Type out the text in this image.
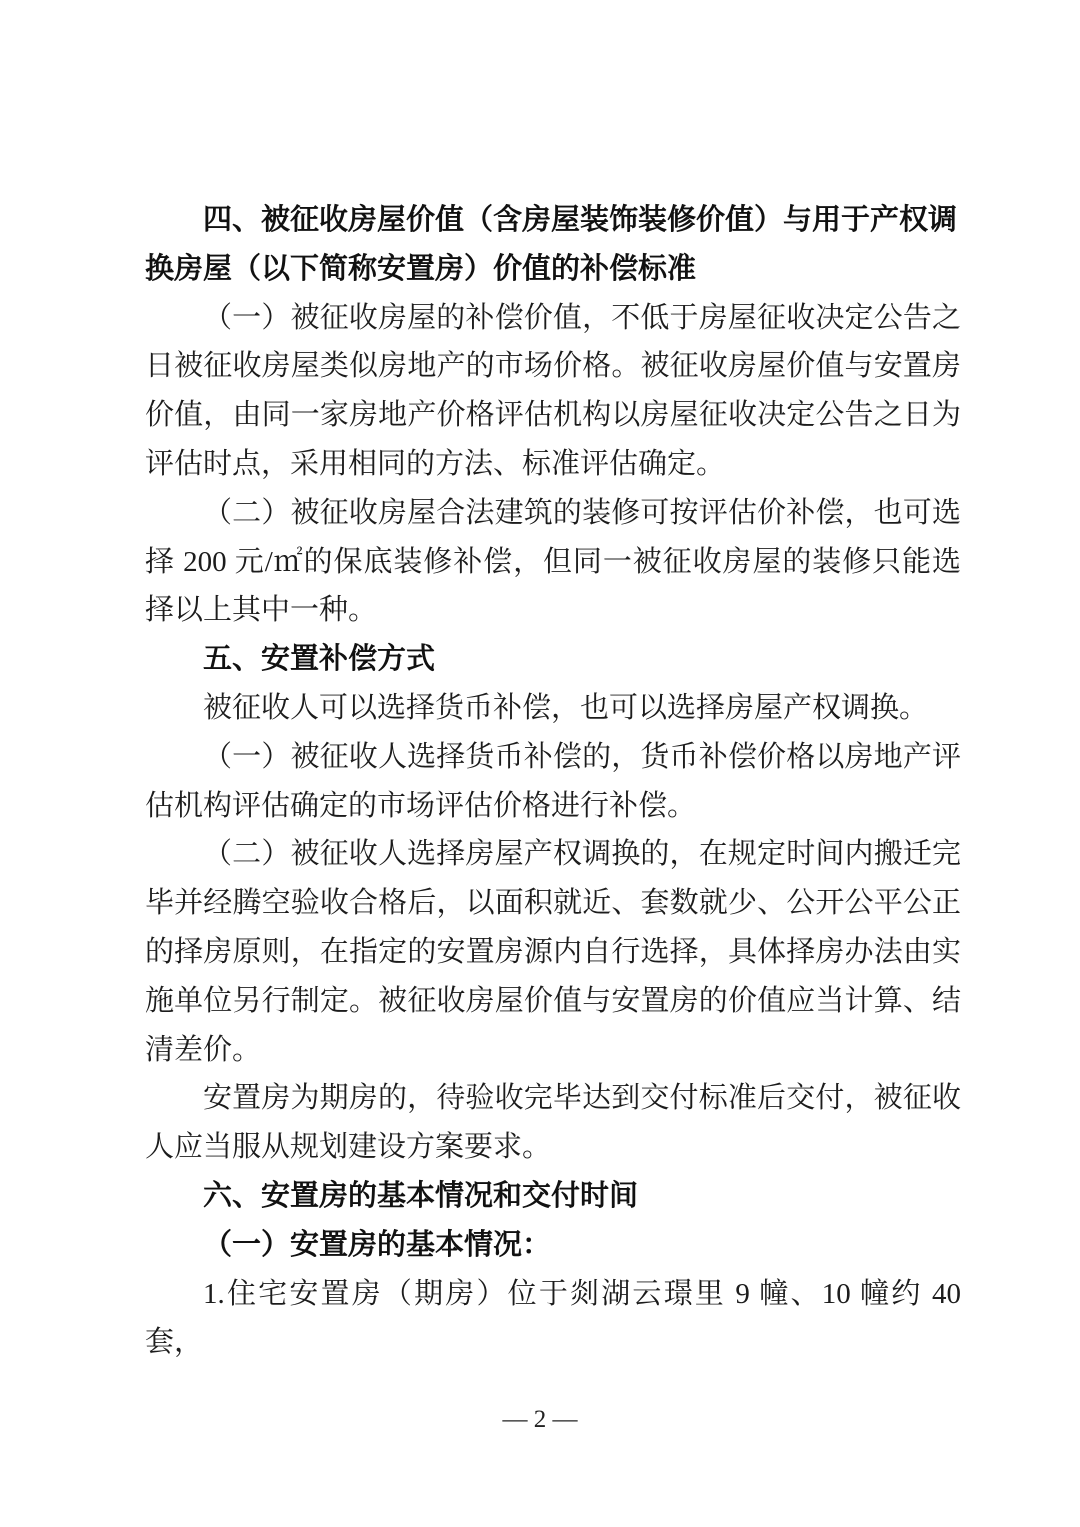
四、被征收房屋价值（含房屋装饰装修价值）与用于产权调换房屋（以下简称安置房）价值的补偿标准

（一）被征收房屋的补偿价值，不低于房屋征收决定公告之日被征收房屋类似房地产的市场价格。被征收房屋价值与安置房价值，由同一家房地产价格评估机构以房屋征收决定公告之日为评估时点，采用相同的方法、标准评估确定。

（二）被征收房屋合法建筑的装修可按评估价补偿，也可选择 200 元/㎡的保底装修补偿，但同一被征收房屋的装修只能选择以上其中一种。

五、安置补偿方式

被征收人可以选择货币补偿，也可以选择房屋产权调换。

（一）被征收人选择货币补偿的，货币补偿价格以房地产评估机构评估确定的市场评估价格进行补偿。

（二）被征收人选择房屋产权调换的，在规定时间内搬迁完毕并经腾空验收合格后，以面积就近、套数就少、公开公平公正的择房原则，在指定的安置房源内自行选择，具体择房办法由实施单位另行制定。被征收房屋价值与安置房的价值应当计算、结清差价。

安置房为期房的，待验收完毕达到交付标准后交付，被征收人应当服从规划建设方案要求。

六、安置房的基本情况和交付时间

（一）安置房的基本情况：

1.住宅安置房（期房）位于剡湖云璟里 9 幢、10 幢约 40 套，

— 2 —
